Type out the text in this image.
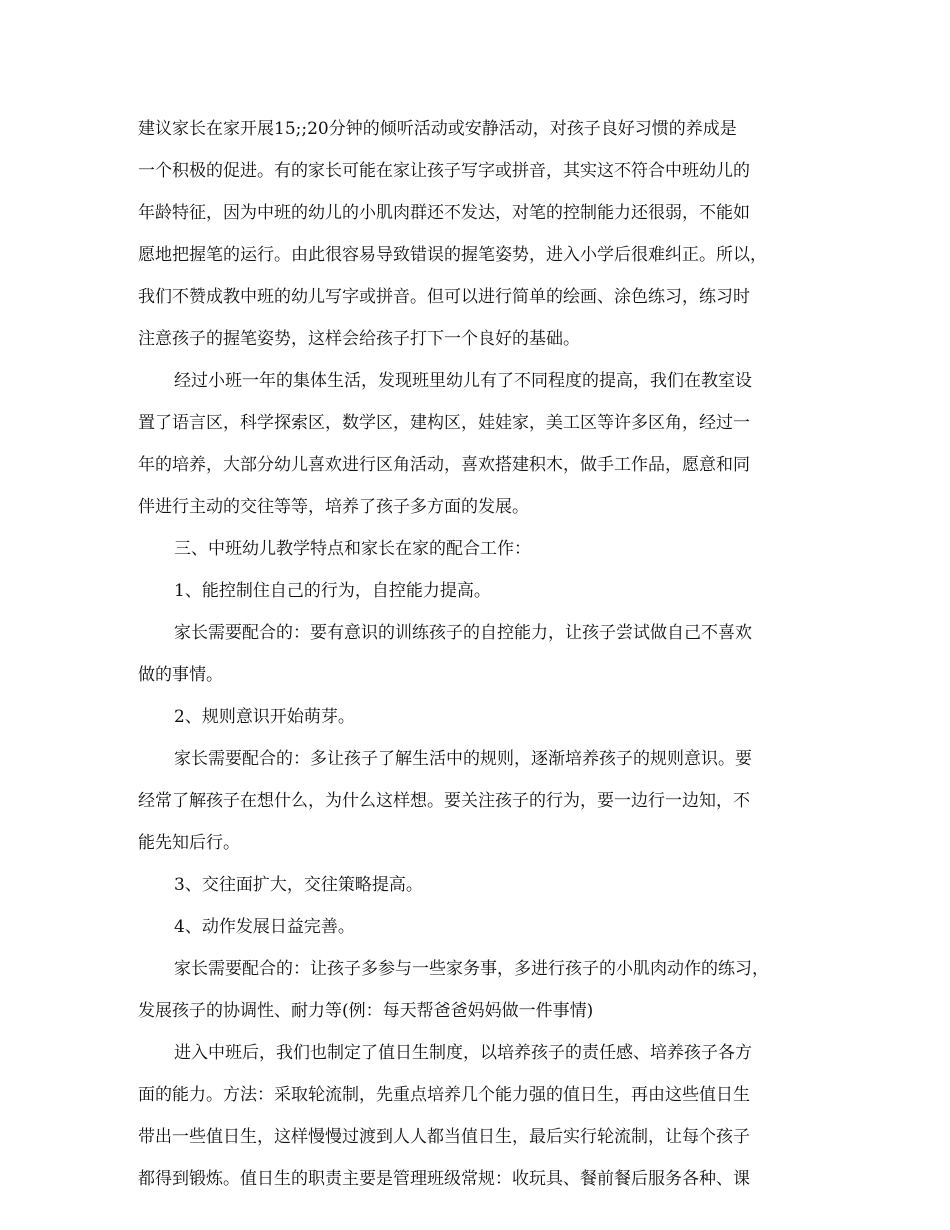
建议家长在家开展15;;20分钟的倾听活动或安静活动，对孩子良好习惯的养成是
一个积极的促进。有的家长可能在家让孩子写字或拼音，其实这不符合中班幼儿的
年龄特征，因为中班的幼儿的小肌肉群还不发达，对笔的控制能力还很弱，不能如
愿地把握笔的运行。由此很容易导致错误的握笔姿势，进入小学后很难纠正。所以，
我们不赞成教中班的幼儿写字或拼音。但可以进行简单的绘画、涂色练习，练习时
注意孩子的握笔姿势，这样会给孩子打下一个良好的基础。
经过小班一年的集体生活，发现班里幼儿有了不同程度的提高，我们在教室设
置了语言区，科学探索区，数学区，建构区，娃娃家，美工区等许多区角，经过一
年的培养，大部分幼儿喜欢进行区角活动，喜欢搭建积木，做手工作品，愿意和同
伴进行主动的交往等等，培养了孩子多方面的发展。
三、中班幼儿教学特点和家长在家的配合工作：
1、能控制住自己的行为，自控能力提高。
家长需要配合的：要有意识的训练孩子的自控能力，让孩子尝试做自己不喜欢
做的事情。
2、规则意识开始萌芽。
家长需要配合的：多让孩子了解生活中的规则，逐渐培养孩子的规则意识。要
经常了解孩子在想什么，为什么这样想。要关注孩子的行为，要一边行一边知，不
能先知后行。
3、交往面扩大，交往策略提高。
4、动作发展日益完善。
家长需要配合的：让孩子多参与一些家务事，多进行孩子的小肌肉动作的练习，
发展孩子的协调性、耐力等(例：每天帮爸爸妈妈做一件事情)
进入中班后，我们也制定了值日生制度，以培养孩子的责任感、培养孩子各方
面的能力。方法：采取轮流制，先重点培养几个能力强的值日生，再由这些值日生
带出一些值日生，这样慢慢过渡到人人都当值日生，最后实行轮流制，让每个孩子
都得到锻炼。值日生的职责主要是管理班级常规：收玩具、餐前餐后服务各种、课
